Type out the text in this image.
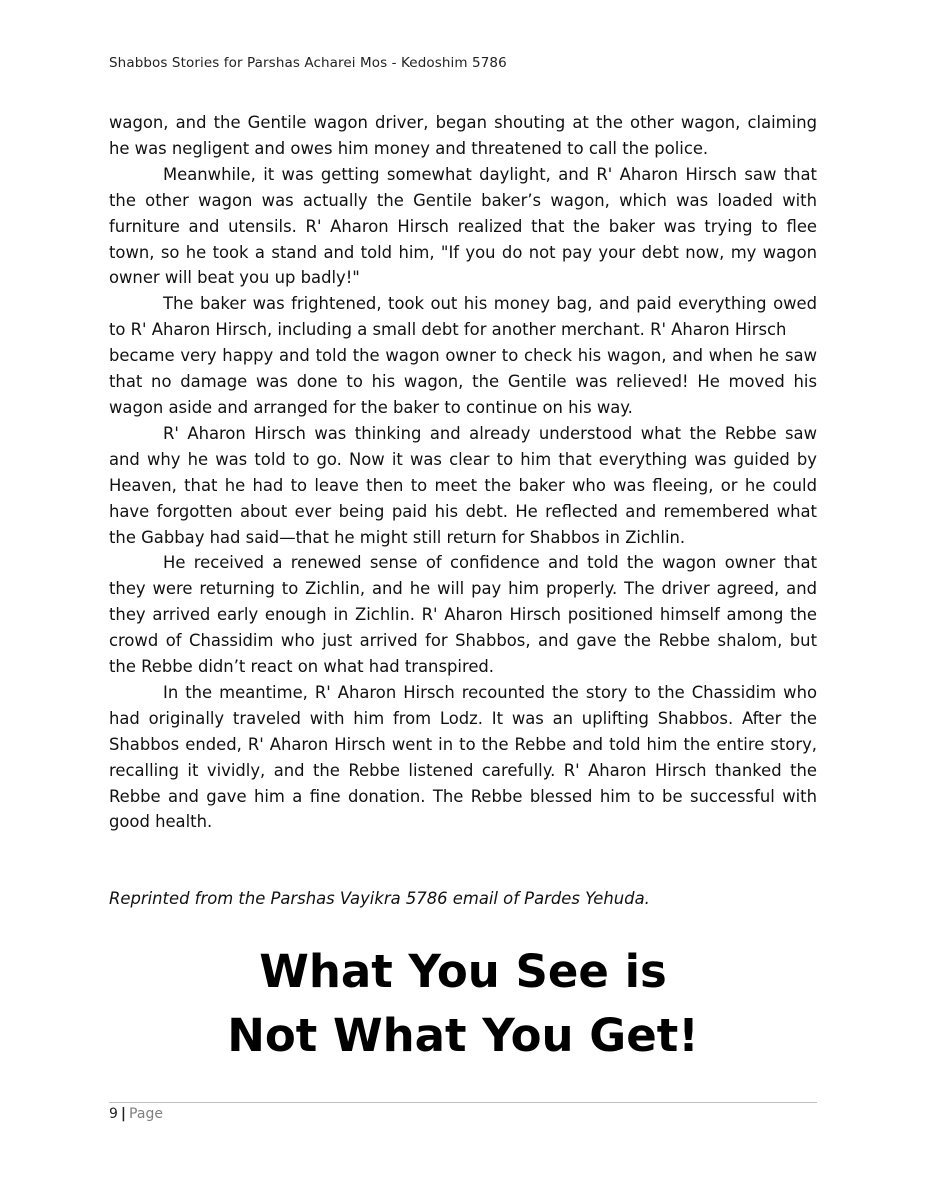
Shabbos Stories for Parshas Acharei Mos - Kedoshim 5786

wagon, and the Gentile wagon driver, began shouting at the other wagon, claiming he was negligent and owes him money and threatened to call the police.

Meanwhile, it was getting somewhat daylight, and R' Aharon Hirsch saw that the other wagon was actually the Gentile baker’s wagon, which was loaded with furniture and utensils. R' Aharon Hirsch realized that the baker was trying to flee town, so he took a stand and told him, "If you do not pay your debt now, my wagon owner will beat you up badly!"

The baker was frightened, took out his money bag, and paid everything owed to R' Aharon Hirsch, including a small debt for another merchant. R' Aharon Hirsch

became very happy and told the wagon owner to check his wagon, and when he saw that no damage was done to his wagon, the Gentile was relieved! He moved his wagon aside and arranged for the baker to continue on his way.

R' Aharon Hirsch was thinking and already understood what the Rebbe saw and why he was told to go. Now it was clear to him that everything was guided by Heaven, that he had to leave then to meet the baker who was fleeing, or he could have forgotten about ever being paid his debt. He reflected and remembered what the Gabbay had said—that he might still return for Shabbos in Zichlin.

He received a renewed sense of confidence and told the wagon owner that they were returning to Zichlin, and he will pay him properly. The driver agreed, and they arrived early enough in Zichlin. R' Aharon Hirsch positioned himself among the crowd of Chassidim who just arrived for Shabbos, and gave the Rebbe shalom, but the Rebbe didn’t react on what had transpired.

In the meantime, R' Aharon Hirsch recounted the story to the Chassidim who had originally traveled with him from Lodz. It was an uplifting Shabbos. After the Shabbos ended, R' Aharon Hirsch went in to the Rebbe and told him the entire story, recalling it vividly, and the Rebbe listened carefully. R' Aharon Hirsch thanked the Rebbe and gave him a fine donation. The Rebbe blessed him to be successful with good health.

Reprinted from the Parshas Vayikra 5786 email of Pardes Yehuda.
What You See is
Not What You Get!
9 | Page
